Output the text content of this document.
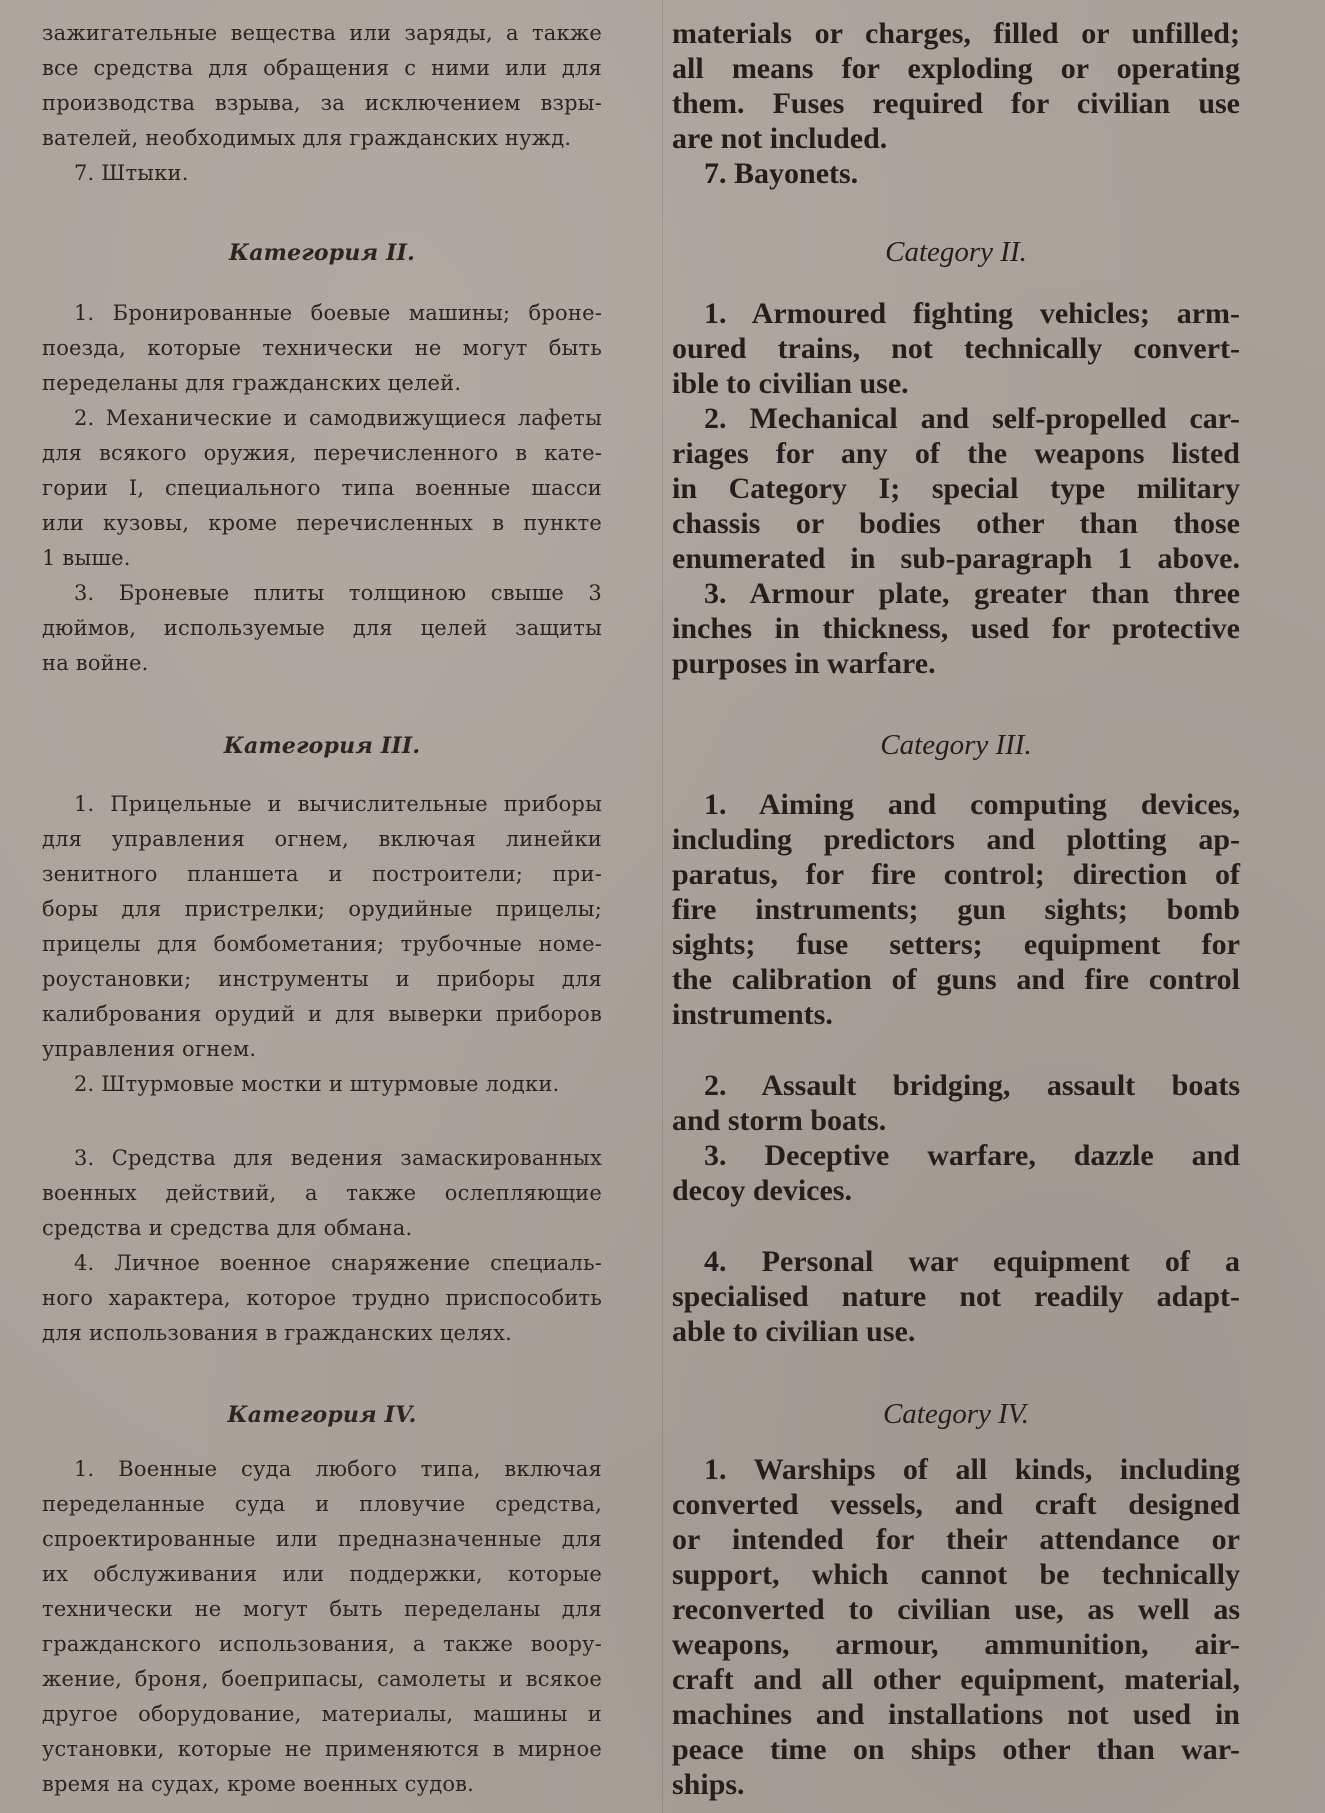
зажигательные вещества или заряды, а также
все средства для обращения с ними или для
производства взрыва, за исключением взры-
вателей, необходимых для гражданских нужд.
7. Штыки.
Категория II.
1. Бронированные боевые машины; броне-
поезда, которые технически не могут быть
переделаны для гражданских целей.
2. Механические и самодвижущиеся лафеты
для всякого оружия, перечисленного в кате-
гории I, специального типа военные шасси
или кузовы, кроме перечисленных в пункте
1 выше.
3. Броневые плиты толщиною свыше 3
дюймов, используемые для целей защиты
на войне.
Категория III.
1. Прицельные и вычислительные приборы
для управления огнем, включая линейки
зенитного планшета и построители; при-
боры для пристрелки; орудийные прицелы;
прицелы для бомбометания; трубочные номе-
роустановки; инструменты и приборы для
калибрования орудий и для выверки приборов
управления огнем.
2. Штурмовые мостки и штурмовые лодки.
3. Средства для ведения замаскированных
военных действий, а также ослепляющие
средства и средства для обмана.
4. Личное военное снаряжение специаль-
ного характера, которое трудно приспособить
для использования в гражданских целях.
Категория IV.
1. Военные суда любого типа, включая
переделанные суда и пловучие средства,
спроектированные или предназначенные для
их обслуживания или поддержки, которые
технически не могут быть переделаны для
гражданского использования, а также воору-
жение, броня, боеприпасы, самолеты и всякое
другое оборудование, материалы, машины и
установки, которые не применяются в мирное
время на судах, кроме военных судов.
materials or charges, filled or unfilled;
all means for exploding or operating
them. Fuses required for civilian use
are not included.
7. Bayonets.
Category II.
1. Armoured fighting vehicles; arm-
oured trains, not technically convert-
ible to civilian use.
2. Mechanical and self-propelled car-
riages for any of the weapons listed
in Category I; special type military
chassis or bodies other than those
enumerated in sub-paragraph 1 above.
3. Armour plate, greater than three
inches in thickness, used for protective
purposes in warfare.
Category III.
1. Aiming and computing devices,
including predictors and plotting ap-
paratus, for fire control; direction of
fire instruments; gun sights; bomb
sights; fuse setters; equipment for
the calibration of guns and fire control
instruments.
2. Assault bridging, assault boats
and storm boats.
3. Deceptive warfare, dazzle and
decoy devices.
4. Personal war equipment of a
specialised nature not readily adapt-
able to civilian use.
Category IV.
1. Warships of all kinds, including
converted vessels, and craft designed
or intended for their attendance or
support, which cannot be technically
reconverted to civilian use, as well as
weapons, armour, ammunition, air-
craft and all other equipment, material,
machines and installations not used in
peace time on ships other than war-
ships.
